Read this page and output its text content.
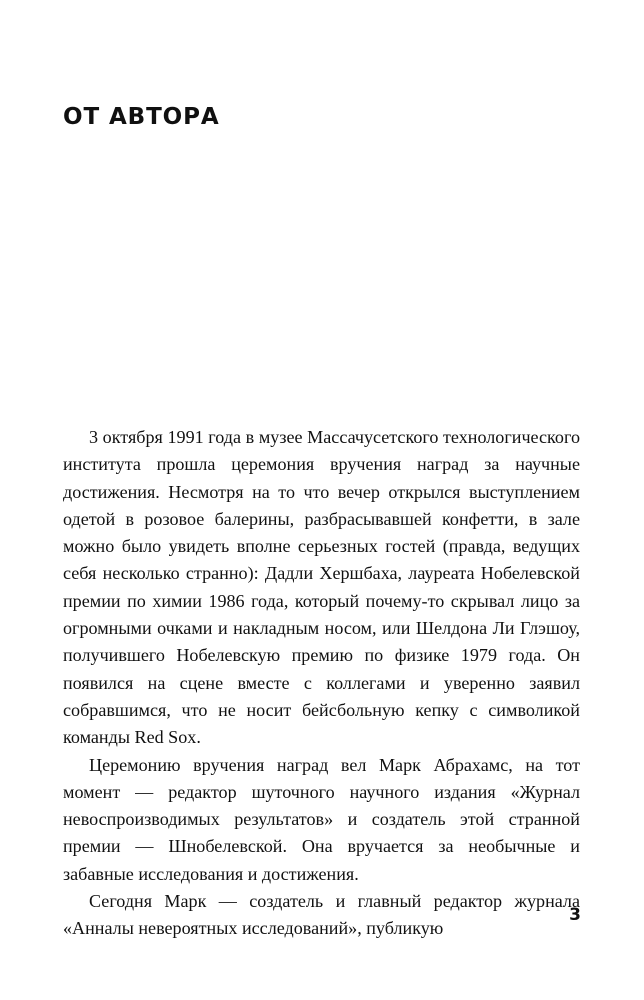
ОТ АВТОРА

3 октября 1991 года в музее Массачусетского технологического института прошла церемония вручения наград за научные достижения. Несмотря на то что вечер открылся выступлением одетой в розовое балерины, разбрасывавшей конфетти, в зале можно было увидеть вполне серьезных гостей (правда, ведущих себя несколько странно): Дадли Хершбаха, лауреата Нобелевской премии по химии 1986 года, который почему-то скрывал лицо за огромными очками и накладным носом, или Шелдона Ли Глэшоу, получившего Нобелевскую премию по физике 1979 года. Он появился на сцене вместе с коллегами и уверенно заявил собравшимся, что не носит бейсбольную кепку с символикой команды Red Sox.

Церемонию вручения наград вел Марк Абрахамс, на тот момент — редактор шуточного научного издания «Журнал невоспроизводимых результатов» и создатель этой странной премии — Шнобелевской. Она вручается за необычные и забавные исследования и достижения.

Сегодня Марк — создатель и главный редактор журнала «Анналы невероятных исследований», публикую

3
